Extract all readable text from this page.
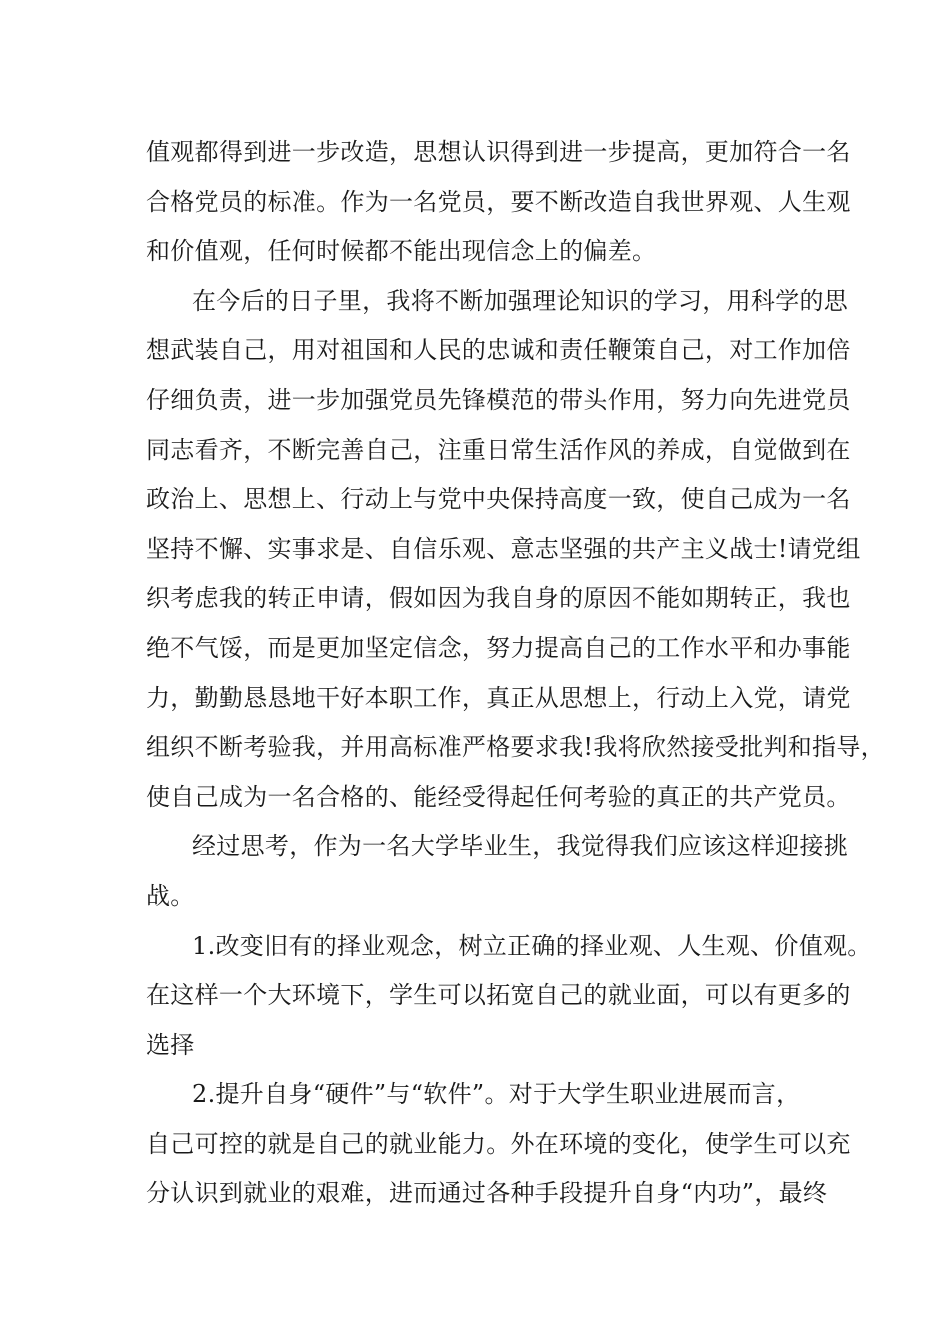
值观都得到进一步改造，思想认识得到进一步提高，更加符合一名
合格党员的标准。作为一名党员，要不断改造自我世界观、人生观
和价值观，任何时候都不能出现信念上的偏差。
在今后的日子里，我将不断加强理论知识的学习，用科学的思
想武装自己，用对祖国和人民的忠诚和责任鞭策自己，对工作加倍
仔细负责，进一步加强党员先锋模范的带头作用，努力向先进党员
同志看齐，不断完善自己，注重日常生活作风的养成，自觉做到在
政治上、思想上、行动上与党中央保持高度一致，使自己成为一名
坚持不懈、实事求是、自信乐观、意志坚强的共产主义战士!请党组
织考虑我的转正申请，假如因为我自身的原因不能如期转正，我也
绝不气馁，而是更加坚定信念，努力提高自己的工作水平和办事能
力，勤勤恳恳地干好本职工作，真正从思想上，行动上入党，请党
组织不断考验我，并用高标准严格要求我!我将欣然接受批判和指导，
使自己成为一名合格的、能经受得起任何考验的真正的共产党员。
经过思考，作为一名大学毕业生，我觉得我们应该这样迎接挑
战。
1.改变旧有的择业观念，树立正确的择业观、人生观、价值观。
在这样一个大环境下，学生可以拓宽自己的就业面，可以有更多的
选择
2.提升自身“硬件”与“软件”。对于大学生职业进展而言，
自己可控的就是自己的就业能力。外在环境的变化，使学生可以充
分认识到就业的艰难，进而通过各种手段提升自身“内功”，最终
